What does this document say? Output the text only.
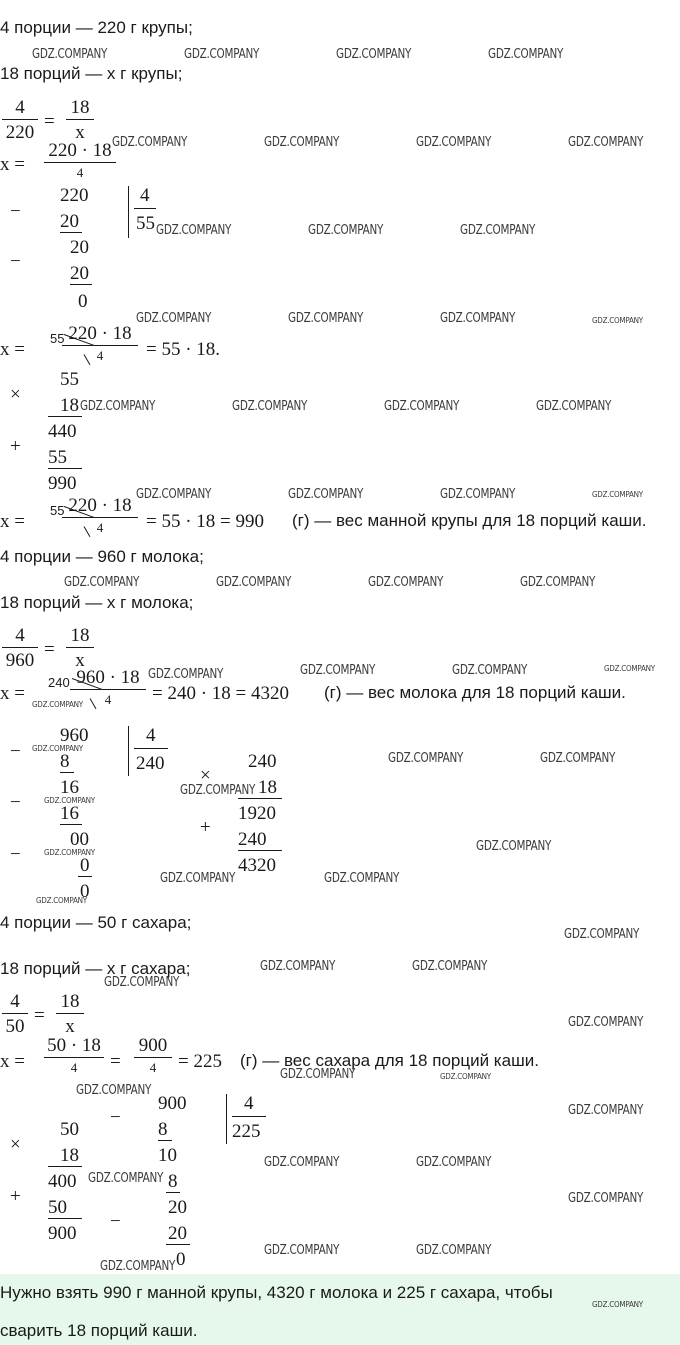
4 порции — 220 г крупы;
18 порций — x г крупы;
$\frac{4}{220} = \frac{18}{x}$
x =
220 · 18
4
−
220
20
4
55
−
20
20
0
x =
55 220 · 18
4	= 55 · 18.
×
55
18
440
+
55
990
x =
55 220 · 18
4	= 55 · 18 = 990 (г) — вес манной крупы для 18 порций каши.
4 порции — 960 г молока;
18 порций — x г молока;
$\frac{4}{960} = \frac{18}{x}$
x =
240 960 · 18
4	= 240 · 18 = 4320 (г) — вес молока для 18 порций каши.
−
960
8
4
240
−
16
16
−
00
0
0
×
240
18
1920
+
240
4320
4 порции — 50 г сахара;
18 порций — x г сахара;
$\frac{4}{50} = \frac{18}{x}$
x =
50 · 18
4	=
900
4	= 225 (г) — вес сахара для 18 порций каши.
×
50
18
400
+
50
900
−
900
8
4
225
10
−
8
20
20
0
Нужно взять 990 г манной крупы, 4320 г молока и 225 г сахара, чтобы
сварить 18 порций каши.
GDZ.COMPANY	GDZ.COMPANY	GDZ.COMPANY	GDZ.COMPANY
GDZ.COMPANY	GDZ.COMPANY	GDZ.COMPANY	GDZ.COMPANY
GDZ.COMPANY	GDZ.COMPANY	GDZ.COMPANY
GDZ.COMPANY	GDZ.COMPANY	GDZ.COMPANY	GDZ.COMPANY
GDZ.COMPANY	GDZ.COMPANY	GDZ.COMPANY	GDZ.COMPANY
GDZ.COMPANY	GDZ.COMPANY	GDZ.COMPANY	GDZ.COMPANY
GDZ.COMPANY	GDZ.COMPANY	GDZ.COMPANY	GDZ.COMPANY
GDZ.COMPANY	GDZ.COMPANY	GDZ.COMPANY	GDZ.COMPANY
GDZ.COMPANY
GDZ.COMPANY
GDZ.COMPANY	GDZ.COMPANY
GDZ.COMPANY
GDZ.COMPANY
GDZ.COMPANY	GDZ.COMPANY
GDZ.COMPANY	GDZ.COMPANY
GDZ.COMPANY
GDZ.COMPANY
GDZ.COMPANY	GDZ.COMPANY
GDZ.COMPANY
GDZ.COMPANY
GDZ.COMPANY	GDZ.COMPANY
GDZ.COMPANY
GDZ.COMPANY
GDZ.COMPANY	GDZ.COMPANY
GDZ.COMPANY
GDZ.COMPANY
GDZ.COMPANY	GDZ.COMPANY
GDZ.COMPANY
GDZ.COMPANY
